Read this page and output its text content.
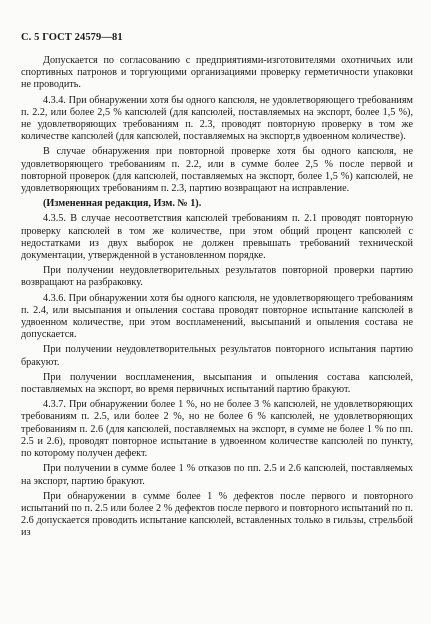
С. 5 ГОСТ 24579—81

Допускается по согласованию с предприятиями-изготовителями охотничьих или спортивных патронов и торгующими организациями проверку герметичности упаковки не проводить.

4.3.4. При обнаружении хотя бы одного капсюля, не удовлетворяющего требованиям п. 2.2, или более 2,5 % капсюлей (для капсюлей, поставляемых на экспорт, более 1,5 %), не удовлетворяющих требованиям п. 2.3, проводят повторную проверку в том же количестве капсюлей (для капсюлей, поставляемых на экспорт,в удвоенном количестве).

В случае обнаружения при повторной проверке хотя бы одного капсюля, не удовлетворяющего требованиям п. 2.2, или в сумме более 2,5 % после первой и повторной проверок (для капсюлей, поставляемых на экспорт, более 1,5 %) капсюлей, не удовлетворяющих требованиям п. 2.3, партию возвращают на исправление.

(Измененная редакция, Изм. № 1).

4.3.5. В случае несоответствия капсюлей требованиям п. 2.1 проводят повторную проверку капсюлей в том же количестве, при этом общий процент капсюлей с недостатками из двух выборок не должен превышать требований технической документации, утвержденной в установленном порядке.

При получении неудовлетворительных результатов повторной проверки партию возвращают на разбраковку.

4.3.6. При обнаружении хотя бы одного капсюля, не удовлетворяющего требованиям п. 2.4, или высыпания и опыления состава проводят повторное испытание капсюлей в удвоенном количестве, при этом воспламенений, высыпаний и опыления состава не допускается.

При получении неудовлетворительных результатов повторного испытания партию бракуют.

При получении воспламенения, высыпания и опыления состава капсюлей, поставляемых на экспорт, во время первичных испытаний партию бракуют.

4.3.7. При обнаружении более 1 %, но не более 3 % капсюлей, не удовлетворяющих требованиям п. 2.5, или более 2 %, но не более 6 % капсюлей, не удовлетворяющих требованиям п. 2.6 (для капсюлей, поставляемых на экспорт, в сумме не более 1 % по пп. 2.5 и 2.6), проводят повторное испытание в удвоенном количестве капсюлей по пункту, по которому получен дефект.

При получении в сумме более 1 % отказов по пп. 2.5 и 2.6 капсюлей, поставляемых на экспорт, партию бракуют.

При обнаружении в сумме более 1 % дефектов после первого и повторного испытаний по п. 2.5 или более 2 % дефектов после первого и повторного испытаний по п. 2.6 допускается проводить испытание капсюлей, вставленных только в гильзы, стрельбой из
